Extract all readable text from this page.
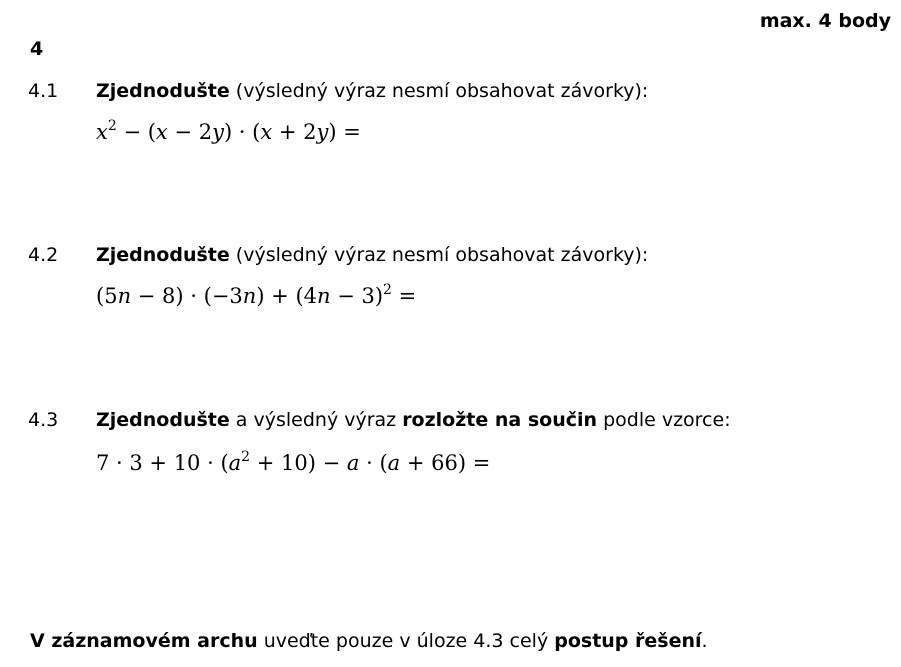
max. 4 body
4
4.1 Zjednodušte (výsledný výraz nesmí obsahovat závorky):
$x^2 - (x - 2y) \cdot (x + 2y)$ =
4.2 Zjednodušte (výsledný výraz nesmí obsahovat závorky):
$(5n - 8) \cdot (-3n) + (4n - 3)^2$ =
4.3 Zjednodušte a výsledný výraz rozložte na součin podle vzorce:
$7 \cdot 3 + 10 \cdot (a^2 + 10) - a \cdot (a + 66)$ =
V záznamovém archu uveďte pouze v úloze 4.3 celý postup řešení.
